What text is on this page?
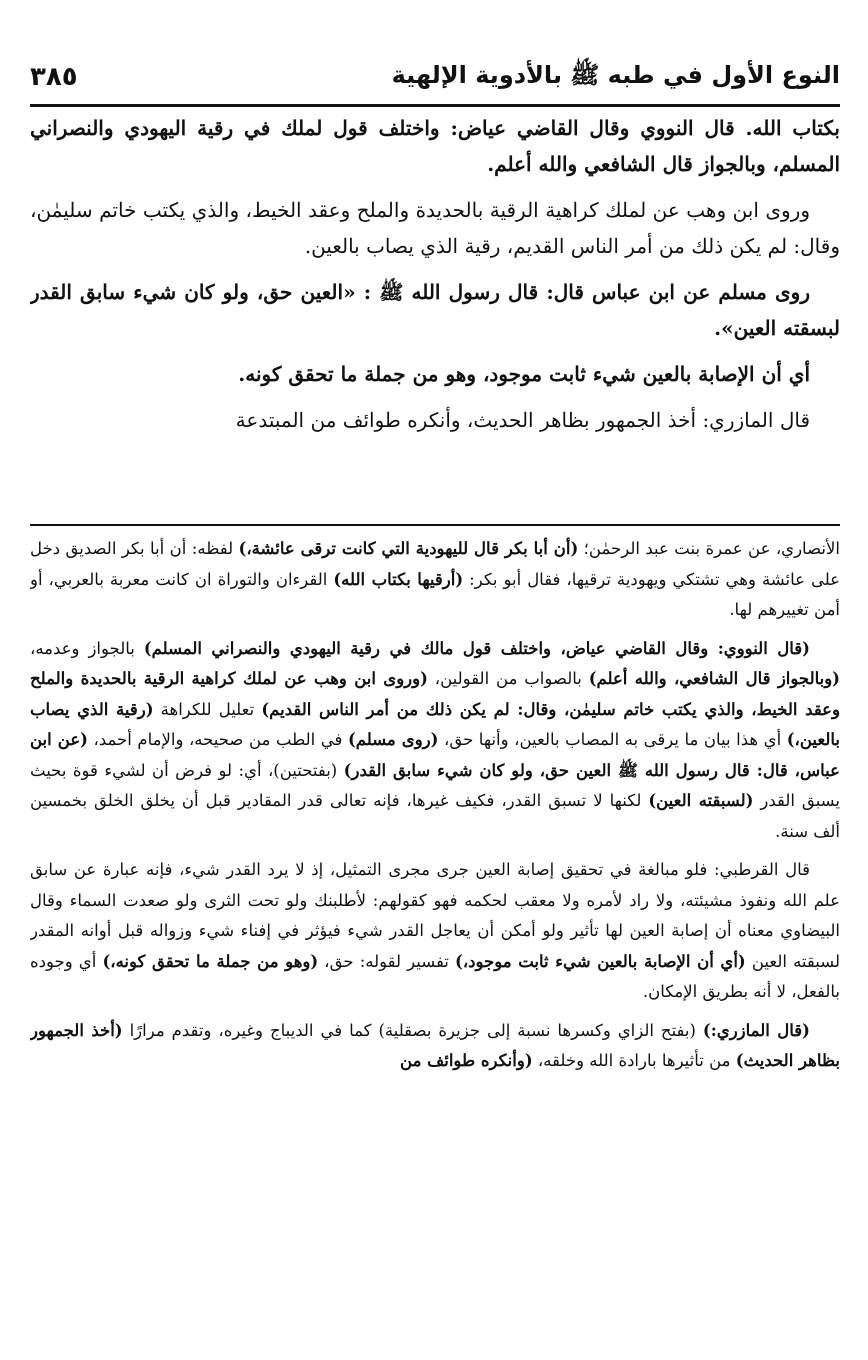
النوع الأول في طبه ﷺ بالأدوية الإلهية
٣٨٥

بكتاب الله. قال النووي وقال القاضي عياض: واختلف قول لملك في رقية اليهودي والنصراني المسلم، وبالجواز قال الشافعي والله أعلم.

وروى ابن وهب عن لملك كراهية الرقية بالحديدة والملح وعقد الخيط، والذي يكتب خاتم سليمٰن، وقال: لم يكن ذلك من أمر الناس القديم، رقية الذي يصاب بالعين.

روى مسلم عن ابن عباس قال: قال رسول الله ﷺ : «العين حق، ولو كان شيء سابق القدر لبسقته العين».

أي أن الإصابة بالعين شيء ثابت موجود، وهو من جملة ما تحقق كونه.

قال المازري: أخذ الجمهور بظاهر الحديث، وأنكره طوائف من المبتدعة

الأنصاري، عن عمرة بنت عبد الرحمٰن؛ (أن أبا بكر قال لليهودية التي كانت ترقى عائشة،) لفظه: أن أبا بكر الصديق دخل على عائشة وهي تشتكي ويهودية ترقيها، فقال أبو بكر: (أرقيها بكتاب الله) القرءان والتوراة ان كانت معربة بالعربي، أو أمن تغييرهم لها.

(قال النووي: وقال القاضي عياض، واختلف قول مالك في رقية اليهودي والنصراني المسلم) بالجواز وعدمه، (وبالجواز قال الشافعي، والله أعلم) بالصواب من القولين، (وروى ابن وهب عن لملك كراهية الرقية بالحديدة والملح وعقد الخيط، والذي يكتب خاتم سليمٰن، وقال: لم يكن ذلك من أمر الناس القديم) تعليل للكراهة (رقية الذي يصاب بالعين،) أي هذا بيان ما يرقى به المصاب بالعين، وأنها حق، (روى مسلم) في الطب من صحيحه، والإمام أحمد، (عن ابن عباس، قال: قال رسول الله ﷺ العين حق، ولو كان شيء سابق القدر) (بفتحتين)، أي: لو فرض أن لشيء قوة بحيث يسبق القدر (لسبقته العين) لكنها لا تسبق القدر، فكيف غيرها، فإنه تعالى قدر المقادير قبل أن يخلق الخلق بخمسين ألف سنة.

قال القرطبي: فلو مبالغة في تحقيق إصابة العين جرى مجرى التمثيل، إذ لا يرد القدر شيء، فإنه عبارة عن سابق علم الله ونفوذ مشيئته، ولا راد لأمره ولا معقب لحكمه فهو كقولهم: لأطلبنك ولو تحت الثرى ولو صعدت السماء وقال البيضاوي معناه أن إصابة العين لها تأثير ولو أمكن أن يعاجل القدر شيء فيؤثر في إفناء شيء وزواله قبل أوانه المقدر لسبقته العين (أي أن الإصابة بالعين شيء ثابت موجود،) تفسير لقوله: حق، (وهو من جملة ما تحقق كونه،) أي وجوده بالفعل، لا أنه بطريق الإمكان.

(قال المازري:) (بفتح الزاي وكسرها نسبة إلى جزيرة بصقلية) كما في الديباج وغيره، وتقدم مرارًا (أخذ الجمهور بظاهر الحديث) من تأثيرها بارادة الله وخلقه، (وأنكره طوائف من
